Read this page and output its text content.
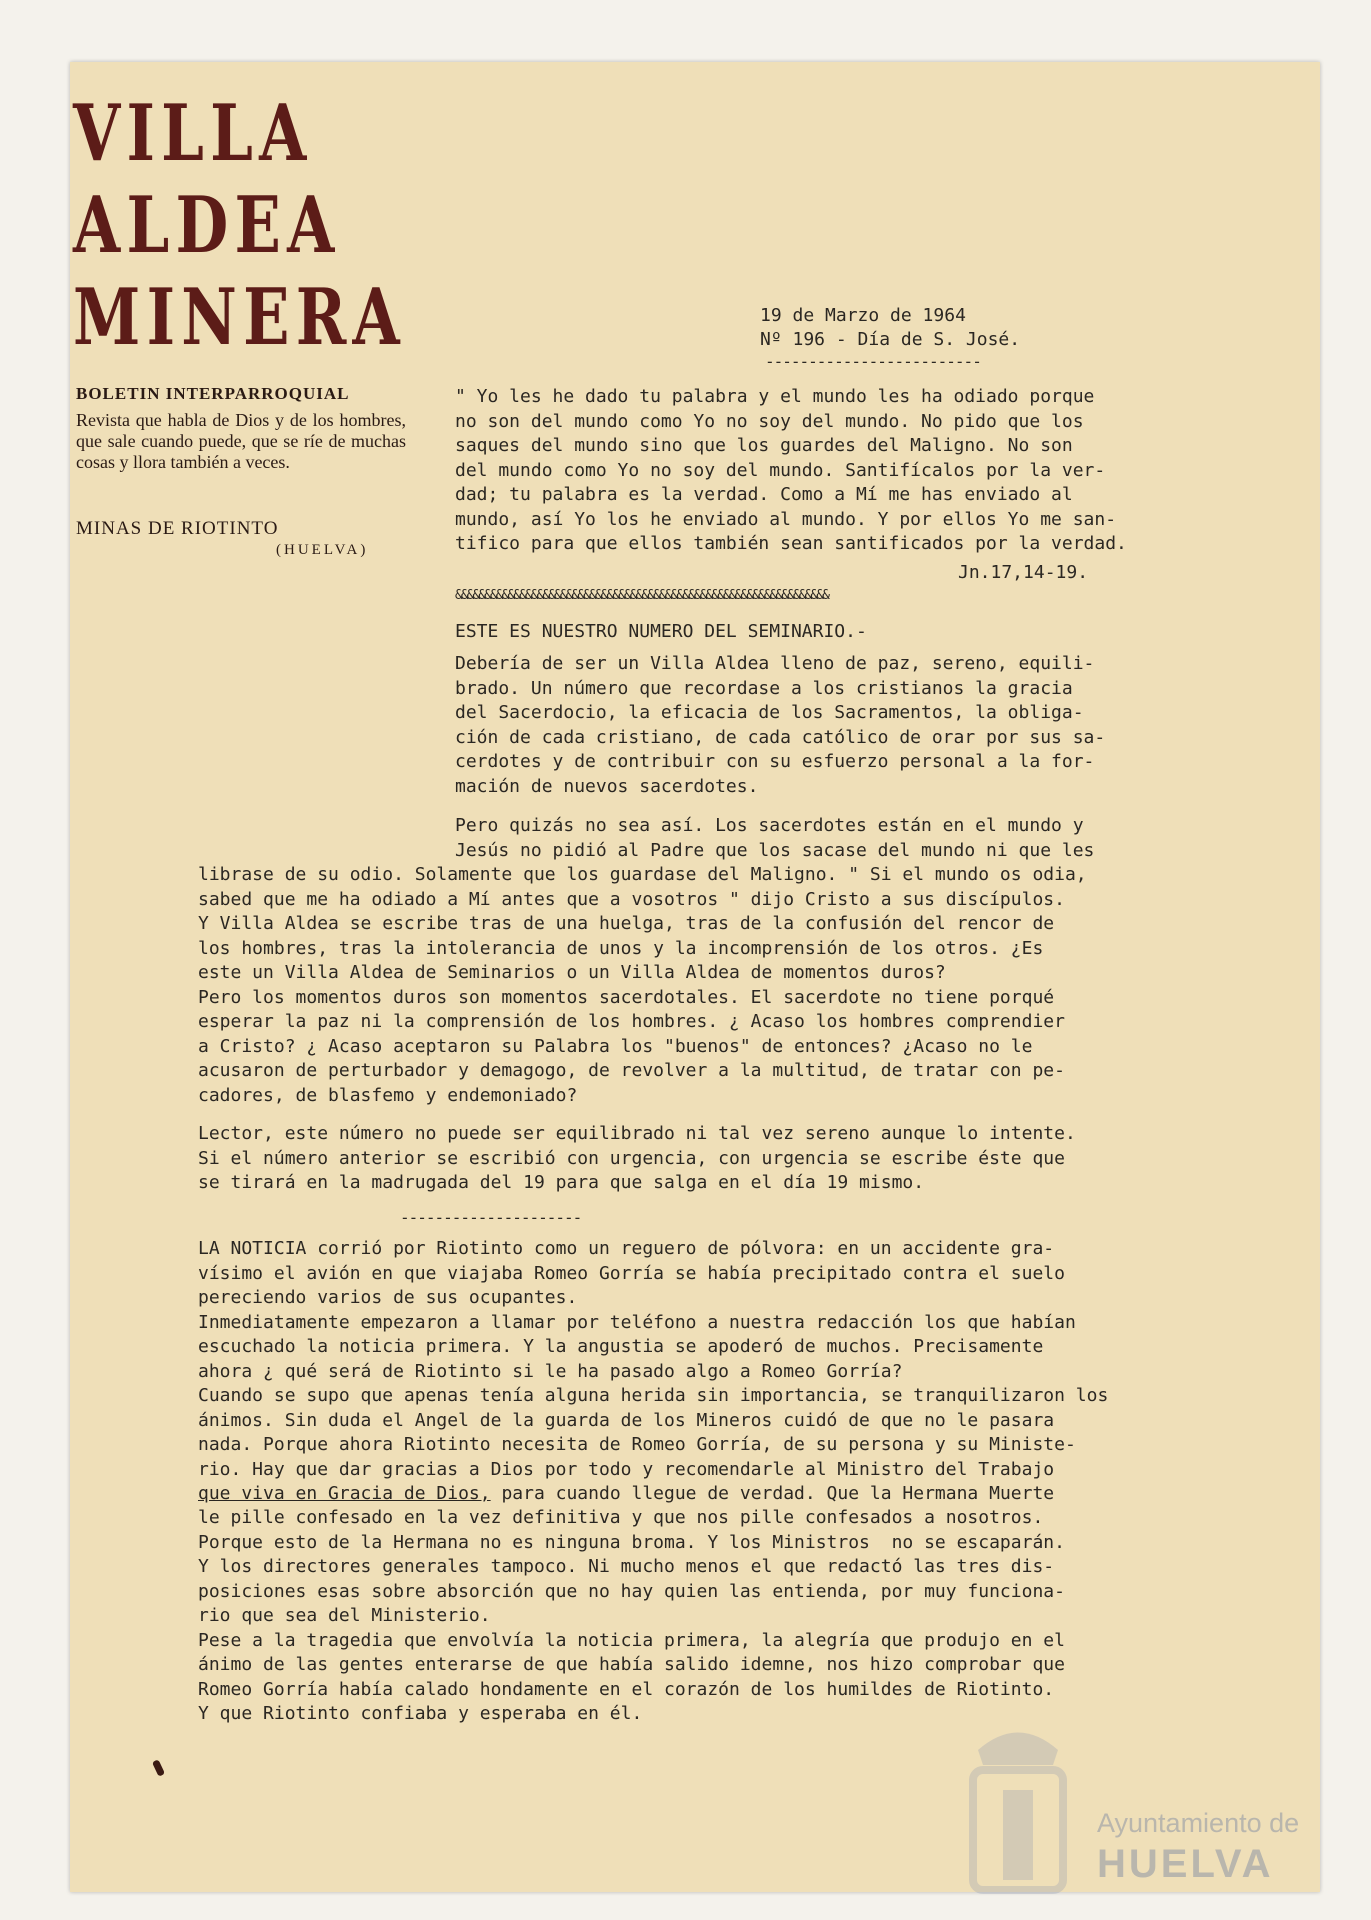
VILLA
ALDEA
MINERA
BOLETIN INTERPARROQUIAL
Revista que habla de Dios y de los hombres, que sale cuando puede, que se ríe de muchas cosas y llora también a veces.
MINAS DE RIOTINTO
(HUELVA)
19 de Marzo de 1964
Nº 196 - Día de S. José.
-------------------------
" Yo les he dado tu palabra y el mundo les ha odiado porque
no son del mundo como Yo no soy del mundo. No pido que los
saques del mundo sino que los guardes del Maligno. No son
del mundo como Yo no soy del mundo. Santifícalos por la ver-
dad; tu palabra es la verdad. Como a Mí me has enviado al
mundo, así Yo los he enviado al mundo. Y por ellos Yo me san-
tifico para que ellos también sean santificados por la verdad.
Jn.17,14-19.
&&&&&&&&&&&&&&&&&&&&&&&&&&&&&&&&&&&&&&&&&&&&&&&&&&&&&&&&&&&&&&&&
ESTE ES NUESTRO NUMERO DEL SEMINARIO.-
Debería de ser un Villa Aldea lleno de paz, sereno, equili-
brado. Un número que recordase a los cristianos la gracia
del Sacerdocio, la eficacia de los Sacramentos, la obliga-
ción de cada cristiano, de cada católico de orar por sus sa-
cerdotes y de contribuir con su esfuerzo personal a la for-
mación de nuevos sacerdotes.
Pero quizás no sea así. Los sacerdotes están en el mundo y
Jesús no pidió al Padre que los sacase del mundo ni que les
librase de su odio. Solamente que los guardase del Maligno. " Si el mundo os odia,
sabed que me ha odiado a Mí antes que a vosotros " dijo Cristo a sus discípulos.
Y Villa Aldea se escribe tras de una huelga, tras de la confusión del rencor de
los hombres, tras la intolerancia de unos y la incomprensión de los otros. ¿Es
este un Villa Aldea de Seminarios o un Villa Aldea de momentos duros?
Pero los momentos duros son momentos sacerdotales. El sacerdote no tiene porqué
esperar la paz ni la comprensión de los hombres. ¿ Acaso los hombres comprendier
a Cristo? ¿ Acaso aceptaron su Palabra los "buenos" de entonces? ¿Acaso no le
acusaron de perturbador y demagogo, de revolver a la multitud, de tratar con pe-
cadores, de blasfemo y endemoniado?
Lector, este número no puede ser equilibrado ni tal vez sereno aunque lo intente.
Si el número anterior se escribió con urgencia, con urgencia se escribe éste que
se tirará en la madrugada del 19 para que salga en el día 19 mismo.
---------------------
LA NOTICIA corrió por Riotinto como un reguero de pólvora: en un accidente gra-
vísimo el avión en que viajaba Romeo Gorría se había precipitado contra el suelo
pereciendo varios de sus ocupantes.
Inmediatamente empezaron a llamar por teléfono a nuestra redacción los que habían
escuchado la noticia primera. Y la angustia se apoderó de muchos. Precisamente
ahora ¿ qué será de Riotinto si le ha pasado algo a Romeo Gorría?
Cuando se supo que apenas tenía alguna herida sin importancia, se tranquilizaron los
ánimos. Sin duda el Angel de la guarda de los Mineros cuidó de que no le pasara
nada. Porque ahora Riotinto necesita de Romeo Gorría, de su persona y su Ministe-
rio. Hay que dar gracias a Dios por todo y recomendarle al Ministro del Trabajo
que viva en Gracia de Dios, para cuando llegue de verdad. Que la Hermana Muerte
le pille confesado en la vez definitiva y que nos pille confesados a nosotros.
Porque esto de la Hermana no es ninguna broma. Y los Ministros  no se escaparán.
Y los directores generales tampoco. Ni mucho menos el que redactó las tres dis-
posiciones esas sobre absorción que no hay quien las entienda, por muy funciona-
rio que sea del Ministerio.
Pese a la tragedia que envolvía la noticia primera, la alegría que produjo en el
ánimo de las gentes enterarse de que había salido idemne, nos hizo comprobar que
Romeo Gorría había calado hondamente en el corazón de los humildes de Riotinto.
Y que Riotinto confiaba y esperaba en él.
Ayuntamiento de
HUELVA
